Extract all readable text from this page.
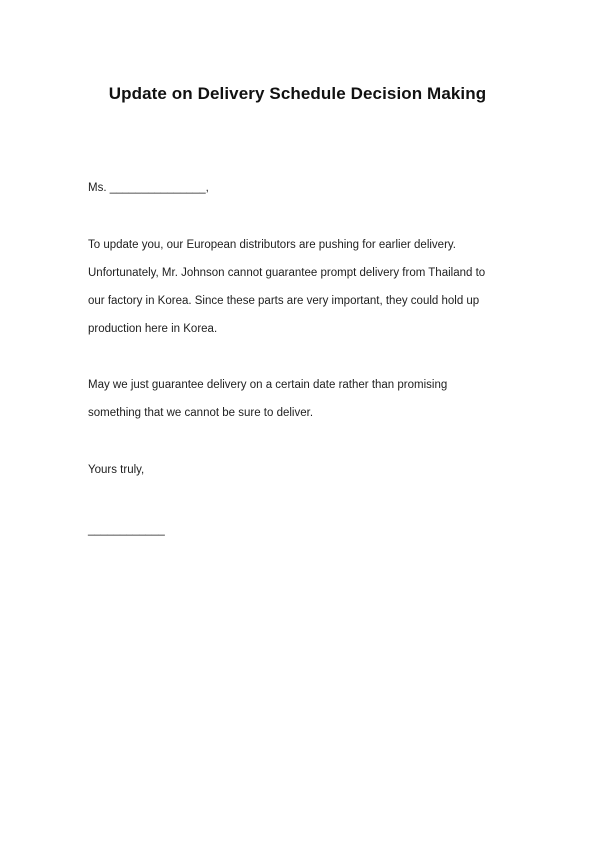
Update on Delivery Schedule Decision Making
Ms. _______________,
To update you, our European distributors are pushing for earlier delivery.
Unfortunately, Mr. Johnson cannot guarantee prompt delivery from Thailand to
our factory in Korea. Since these parts are very important, they could hold up
production here in Korea.
May we just guarantee delivery on a certain date rather than promising
something that we cannot be sure to deliver.
Yours truly,
____________
